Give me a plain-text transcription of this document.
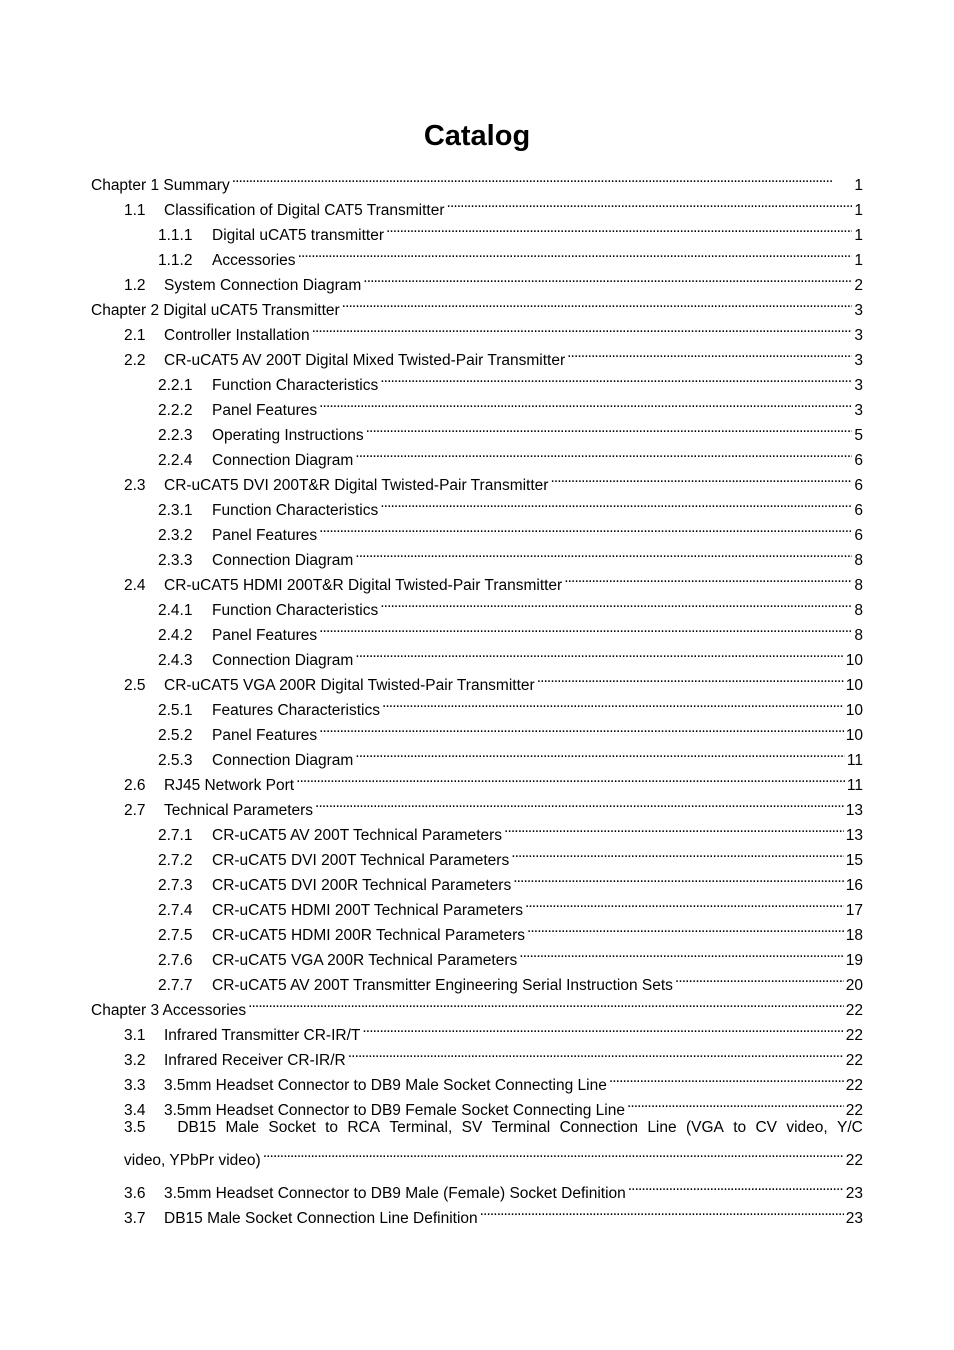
Catalog
Chapter 1 Summary . . .	1
1.1	Classification of Digital CAT5 Transmitter . . .	1
1.1.1	Digital uCAT5 transmitter . . .	1
1.1.2	Accessories . . .	1
1.2	System Connection Diagram . . .	2
Chapter 2 Digital uCAT5 Transmitter . . .	3
2.1	Controller Installation . . .	3
2.2	CR-uCAT5 AV 200T Digital Mixed Twisted-Pair Transmitter . . .	3
2.2.1	Function Characteristics . . .	3
2.2.2	Panel Features . . .	3
2.2.3	Operating Instructions . . .	5
2.2.4	Connection Diagram . . .	6
2.3	CR-uCAT5 DVI 200T&R Digital Twisted-Pair Transmitter . . .	6
2.3.1	Function Characteristics . . .	6
2.3.2	Panel Features . . .	6
2.3.3	Connection Diagram . . .	8
2.4	CR-uCAT5 HDMI 200T&R Digital Twisted-Pair Transmitter . . .	8
2.4.1	Function Characteristics . . .	8
2.4.2	Panel Features . . .	8
2.4.3	Connection Diagram . . .	10
2.5	CR-uCAT5 VGA 200R Digital Twisted-Pair Transmitter . . .	10
2.5.1	Features Characteristics . . .	10
2.5.2	Panel Features . . .	10
2.5.3	Connection Diagram . . .	11
2.6	RJ45 Network Port . . .	11
2.7	Technical Parameters . . .	13
2.7.1	CR-uCAT5 AV 200T Technical Parameters . . .	13
2.7.2	CR-uCAT5 DVI 200T Technical Parameters . . .	15
2.7.3	CR-uCAT5 DVI 200R Technical Parameters . . .	16
2.7.4	CR-uCAT5 HDMI 200T Technical Parameters . . .	17
2.7.5	CR-uCAT5 HDMI 200R Technical Parameters . . .	18
2.7.6	CR-uCAT5 VGA 200R Technical Parameters . . .	19
2.7.7	CR-uCAT5 AV 200T Transmitter Engineering Serial Instruction Sets . . .	20
Chapter 3 Accessories . . .	22
3.1	Infrared Transmitter CR-IR/T . . .	22
3.2	Infrared Receiver CR-IR/R . . .	22
3.3	3.5mm Headset Connector to DB9 Male Socket Connecting Line . . .	22
3.4	3.5mm Headset Connector to DB9 Female Socket Connecting Line . . .	22
3.5	DB15 Male Socket to RCA Terminal, SV Terminal Connection Line (VGA to CV video, Y/C
video, YPbPr video) . . .	22
3.6	3.5mm Headset Connector to DB9 Male (Female) Socket Definition . . .	23
3.7	DB15 Male Socket Connection Line Definition . . .	23
